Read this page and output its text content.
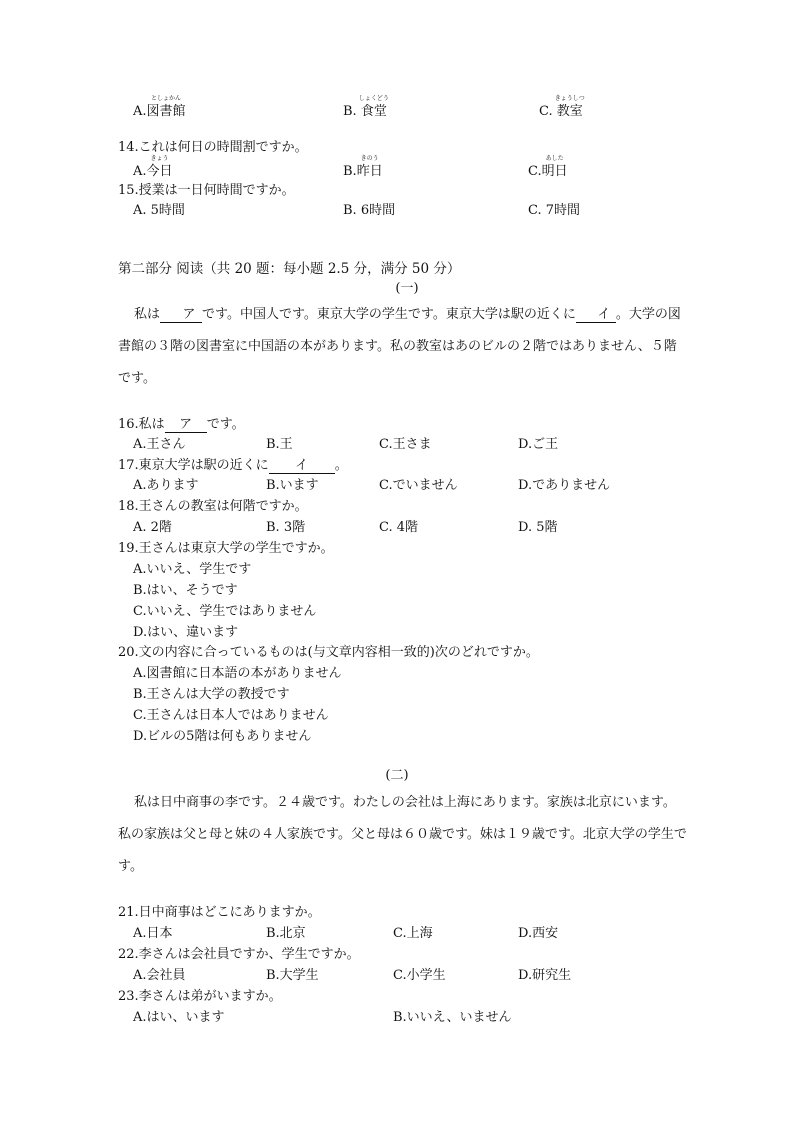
A.
としょかん
図書館	B.
しょくどう
食堂	C.
きょうしつ
教室
14.これは何日の時間割ですか。
A.
きょう
今日	B.
きのう
昨日	C.
あした
明日
15.授業は一日何時間ですか。
A. 5時間	B. 6時間	C. 7時間
第二部分 阅读（共 20 题：每小题 2.5 分，满分 50 分）
(一)
私は ア です。中国人です。東京大学の学生です。東京大学は駅の近くに イ 。大学の図書館の３階の図書室に中国語の本があります。私の教室はあのビルの２階ではありません、５階です。
16.私は ア です。
A.王さん	B.王	C.王さま	D.ご王
17.東京大学は駅の近くに イ 。
A.あります	B.います	C.でいません	D.でありません
18.王さんの教室は何階ですか。
A. 2階	B. 3階	C. 4階	D. 5階
19.王さんは東京大学の学生ですか。
A.いいえ、学生です
B.はい、そうです
C.いいえ、学生ではありません
D.はい、違います
20.文の内容に合っているものは(与文章内容相一致的)次のどれですか。
A.図書館に日本語の本がありません
B.王さんは大学の教授です
C.王さんは日本人ではありません
D.ビルの5階は何もありません
(二)
私は日中商事の李です。２４歳です。わたしの会社は上海にあります。家族は北京にいます。私の家族は父と母と妹の４人家族です。父と母は６０歳です。妹は１９歳です。北京大学の学生です。
21.日中商事はどこにありますか。
A.日本	B.北京	C.上海	D.西安
22.李さんは会社員ですか、学生ですか。
A.会社員	B.大学生	C.小学生	D.研究生
23.李さんは弟がいますか。
A.はい、います	B.いいえ、いません
